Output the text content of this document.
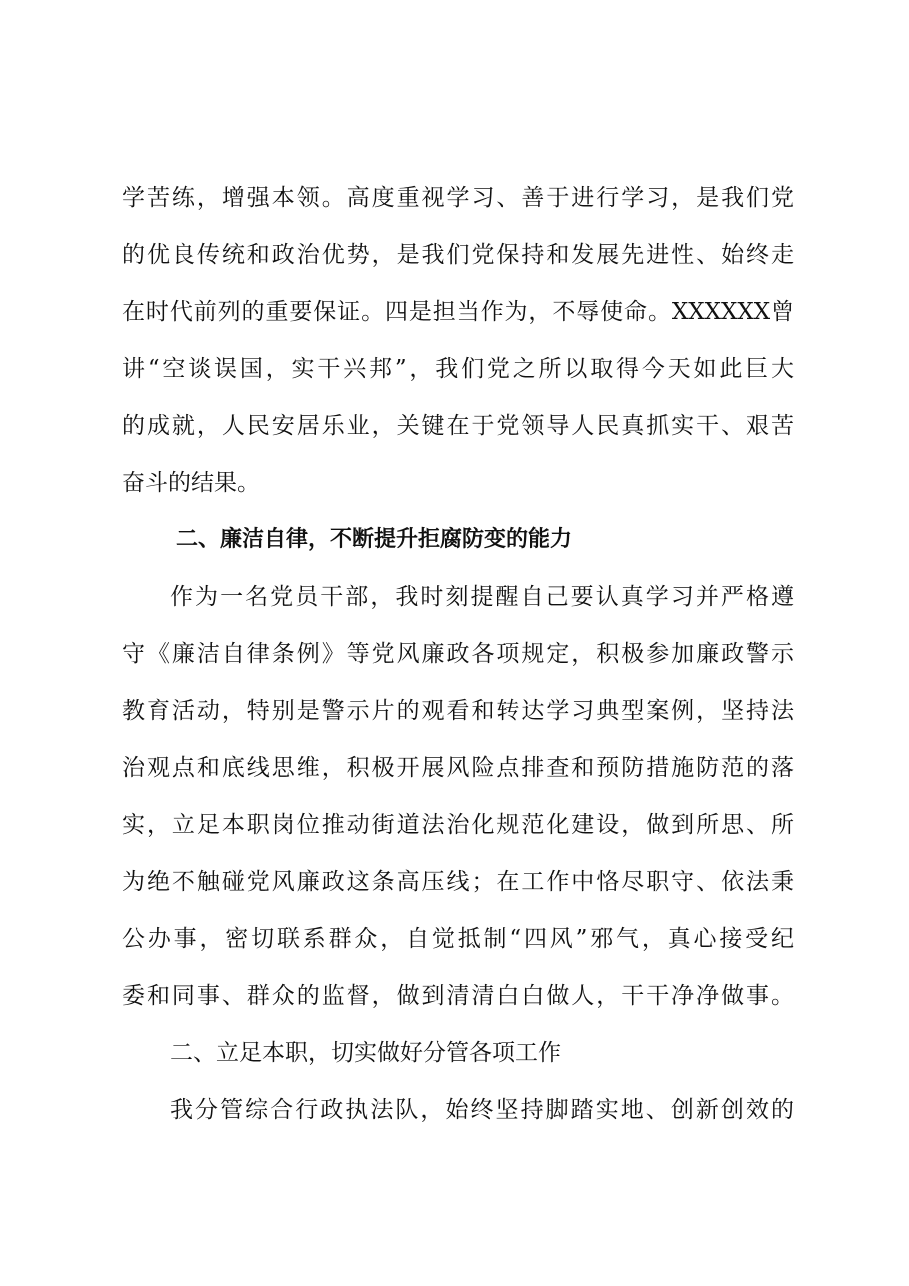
学苦练，增强本领。高度重视学习、善于进行学习，是我们党
的优良传统和政治优势，是我们党保持和发展先进性、始终走
在时代前列的重要保证。四是担当作为，不辱使命。XXXXXX曾
讲“空谈误国，实干兴邦”，我们党之所以取得今天如此巨大
的成就，人民安居乐业，关键在于党领导人民真抓实干、艰苦
奋斗的结果。
二、廉洁自律，不断提升拒腐防变的能力
作为一名党员干部，我时刻提醒自己要认真学习并严格遵
守《廉洁自律条例》等党风廉政各项规定，积极参加廉政警示
教育活动，特别是警示片的观看和转达学习典型案例，坚持法
治观点和底线思维，积极开展风险点排查和预防措施防范的落
实，立足本职岗位推动街道法治化规范化建设，做到所思、所
为绝不触碰党风廉政这条高压线；在工作中恪尽职守、依法秉
公办事，密切联系群众，自觉抵制“四风”邪气，真心接受纪
委和同事、群众的监督，做到清清白白做人，干干净净做事。
二、立足本职，切实做好分管各项工作
我分管综合行政执法队，始终坚持脚踏实地、创新创效的
